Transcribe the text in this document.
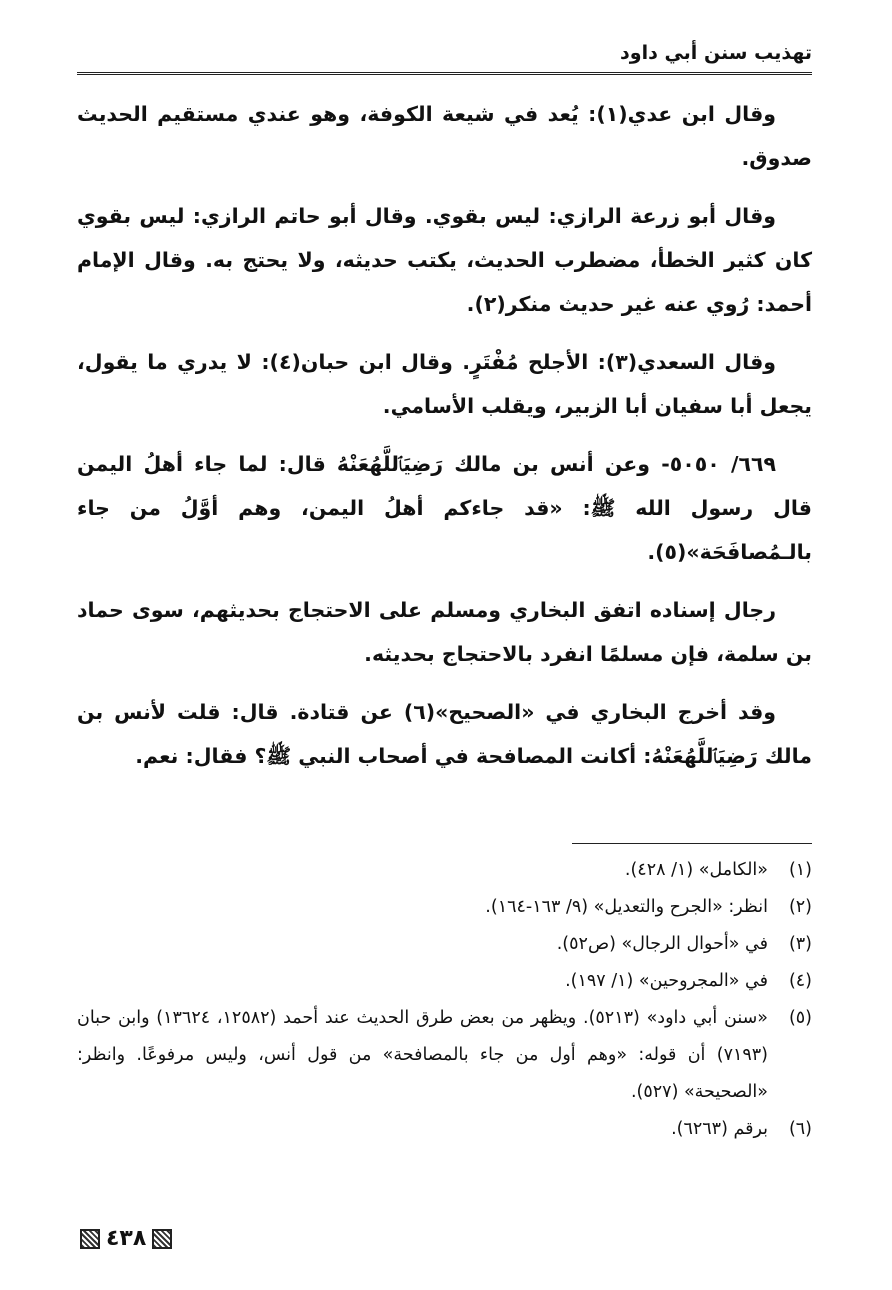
تهذيب سنن أبي داود

وقال ابن عدي(١): يُعد في شيعة الكوفة، وهو عندي مستقيم الحديث صدوق.

وقال أبو زرعة الرازي: ليس بقوي. وقال أبو حاتم الرازي: ليس بقوي كان كثير الخطأ، مضطرب الحديث، يكتب حديثه، ولا يحتج به. وقال الإمام أحمد: رُوي عنه غير حديث منكر(٢).

وقال السعدي(٣): الأجلح مُفْتَرٍ. وقال ابن حبان(٤): لا يدري ما يقول، يجعل أبا سفيان أبا الزبير، ويقلب الأسامي.

٦٦٩/ ٥٠٥٠- وعن أنس بن مالك رَضِيَٱللَّهُعَنْهُ قال: لما جاء أهلُ اليمن قال رسول الله ﷺ: «قد جاءكم أهلُ اليمن، وهم أوَّلُ من جاء بالـمُصافَحَة»(٥).

رجال إسناده اتفق البخاري ومسلم على الاحتجاج بحديثهم، سوى حماد بن سلمة، فإن مسلمًا انفرد بالاحتجاج بحديثه.

وقد أخرج البخاري في «الصحيح»(٦) عن قتادة. قال: قلت لأنس بن مالك رَضِيَٱللَّهُعَنْهُ: أكانت المصافحة في أصحاب النبي ﷺ؟ فقال: نعم.

(١)
«الكامل» (١/ ٤٢٨).
(٢)
انظر: «الجرح والتعديل» (٩/ ١٦٣-١٦٤).
(٣)
في «أحوال الرجال» (ص٥٢).
(٤)
في «المجروحين» (١/ ١٩٧).
(٥)
«سنن أبي داود» (٥٢١٣). ويظهر من بعض طرق الحديث عند أحمد (١٢٥٨٢، ١٣٦٢٤) وابن حبان (٧١٩٣) أن قوله: «وهم أول من جاء بالمصافحة» من قول أنس، وليس مرفوعًا. وانظر: «الصحيحة» (٥٢٧).
(٦)
برقم (٦٢٦٣).
٤٣٨
